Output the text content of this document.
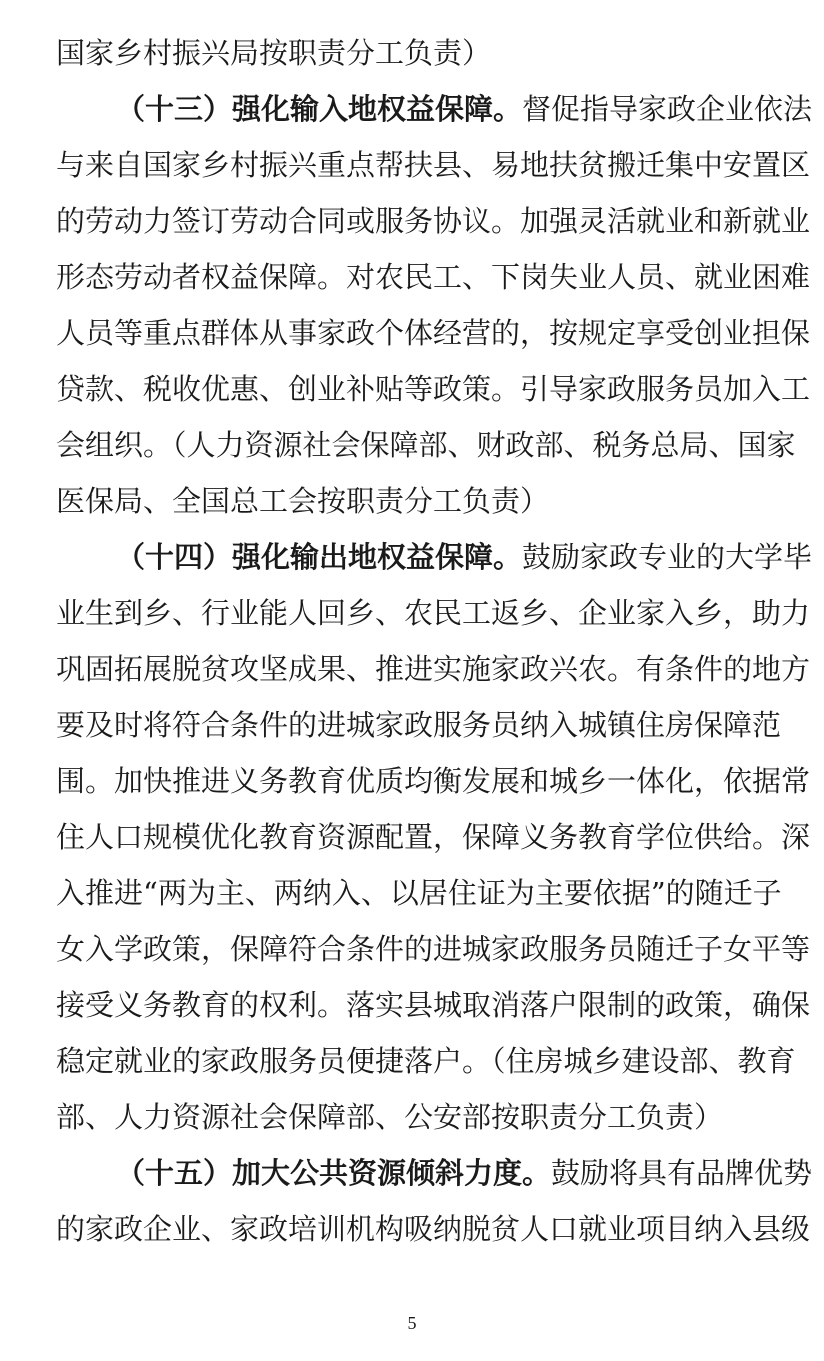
国家乡村振兴局按职责分工负责）
（十三）强化输入地权益保障。督促指导家政企业依法
与来自国家乡村振兴重点帮扶县、易地扶贫搬迁集中安置区
的劳动力签订劳动合同或服务协议。加强灵活就业和新就业
形态劳动者权益保障。对农民工、下岗失业人员、就业困难
人员等重点群体从事家政个体经营的，按规定享受创业担保
贷款、税收优惠、创业补贴等政策。引导家政服务员加入工
会组织。（人力资源社会保障部、财政部、税务总局、国家
医保局、全国总工会按职责分工负责）
（十四）强化输出地权益保障。鼓励家政专业的大学毕
业生到乡、行业能人回乡、农民工返乡、企业家入乡，助力
巩固拓展脱贫攻坚成果、推进实施家政兴农。有条件的地方
要及时将符合条件的进城家政服务员纳入城镇住房保障范
围。加快推进义务教育优质均衡发展和城乡一体化，依据常
住人口规模优化教育资源配置，保障义务教育学位供给。深
入推进“两为主、两纳入、以居住证为主要依据”的随迁子
女入学政策，保障符合条件的进城家政服务员随迁子女平等
接受义务教育的权利。落实县城取消落户限制的政策，确保
稳定就业的家政服务员便捷落户。（住房城乡建设部、教育
部、人力资源社会保障部、公安部按职责分工负责）
（十五）加大公共资源倾斜力度。鼓励将具有品牌优势
的家政企业、家政培训机构吸纳脱贫人口就业项目纳入县级
5
